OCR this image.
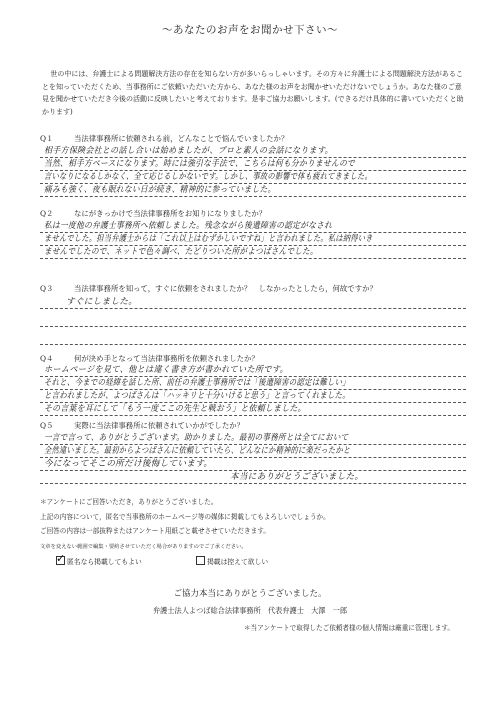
〜あなたのお声をお聞かせ下さい〜
世の中には、弁護士による問題解決方法の存在を知らない方が多いらっしゃいます。その方々に弁護士による問題解決方法があることを知っていただくため、当事務所にご依頼いただいた方から、あなた様のお声をお聞かせいただけないでしょうか。あなた様のご意見を聞かせていただき今後の活動に反映したいと考えております。是非ご協力お願いします。(できるだけ具体的に書いていただくと助かります)
Q１	当法律事務所に依頼される前，どんなことで悩んでいましたか？
相手方保険会社との話し合いは始めましたが、プロと素人の会話になります。
当然、相手方ペースになります。時には強引な手法で、こちらは何も分かりませんので
言いなりになるしかなく、全て応じるしかないです。しかし、事故の影響で体も疲れてきました。
痛みも強く、夜も眠れない日が続き、精神的に参っていました。
Q２	なにがきっかけで当法律事務所をお知りになりましたか？
私は一度他の弁護士事務所へ依頼しました。残念ながら後遺障害の認定がなされ
ませんでした。担当弁護士からは「これ以上はむずかしいですね」と言われました。私は納得いき
ませんでしたので、ネットで色々調べ、たどりついた所がよつばさんでした。
Q３	当法律事務所を知って，すぐに依頼をされましたか？　しなかったとしたら，何故ですか？
すぐにしました。
Q４	何が決め手となって当法律事務所を依頼されましたか？
ホームページを見て、他とは違く書き方が書かれていた所です。
それと、今までの経緯を話した所、前任の弁護士事務所では「後遺障害の認定は難しい」
と言われましたが、よつばさんは「ハッキリと十分いけると思う」と言ってくれました。
その言葉を耳にして「もう一度ここの先生と戦おう」と依頼しました。
Q５	実際に当法律事務所に依頼されていかがでしたか？
一言で言って、ありがとうございます。助かりました。最初の事務所とは全てにおいて
全然違いました。最初からよつばさんに依頼していたら、どんなにか精神的に楽だったかと
今になってそこの所だけ後悔しています。
本当にありがとうございました。
＊アンケートにご回答いただき，ありがとうございました。
上記の内容について，匿名で当事務所のホームページ等の媒体に掲載してもよろしいでしょうか。
ご回答の内容は一部抜粋またはアンケート用紙ごと載せさせていただきます。
文章を変えない範囲で編集・要約させていただく場合がありますのでご了承ください。
✓ 匿名なら掲載してもよい	掲載は控えて欲しい
ご協力本当にありがとうございました。
弁護士法人よつば総合法律事務所　代表弁護士　大澤　一郎
＊当アンケートで取得したご依頼者様の個人情報は厳重に管理します。
